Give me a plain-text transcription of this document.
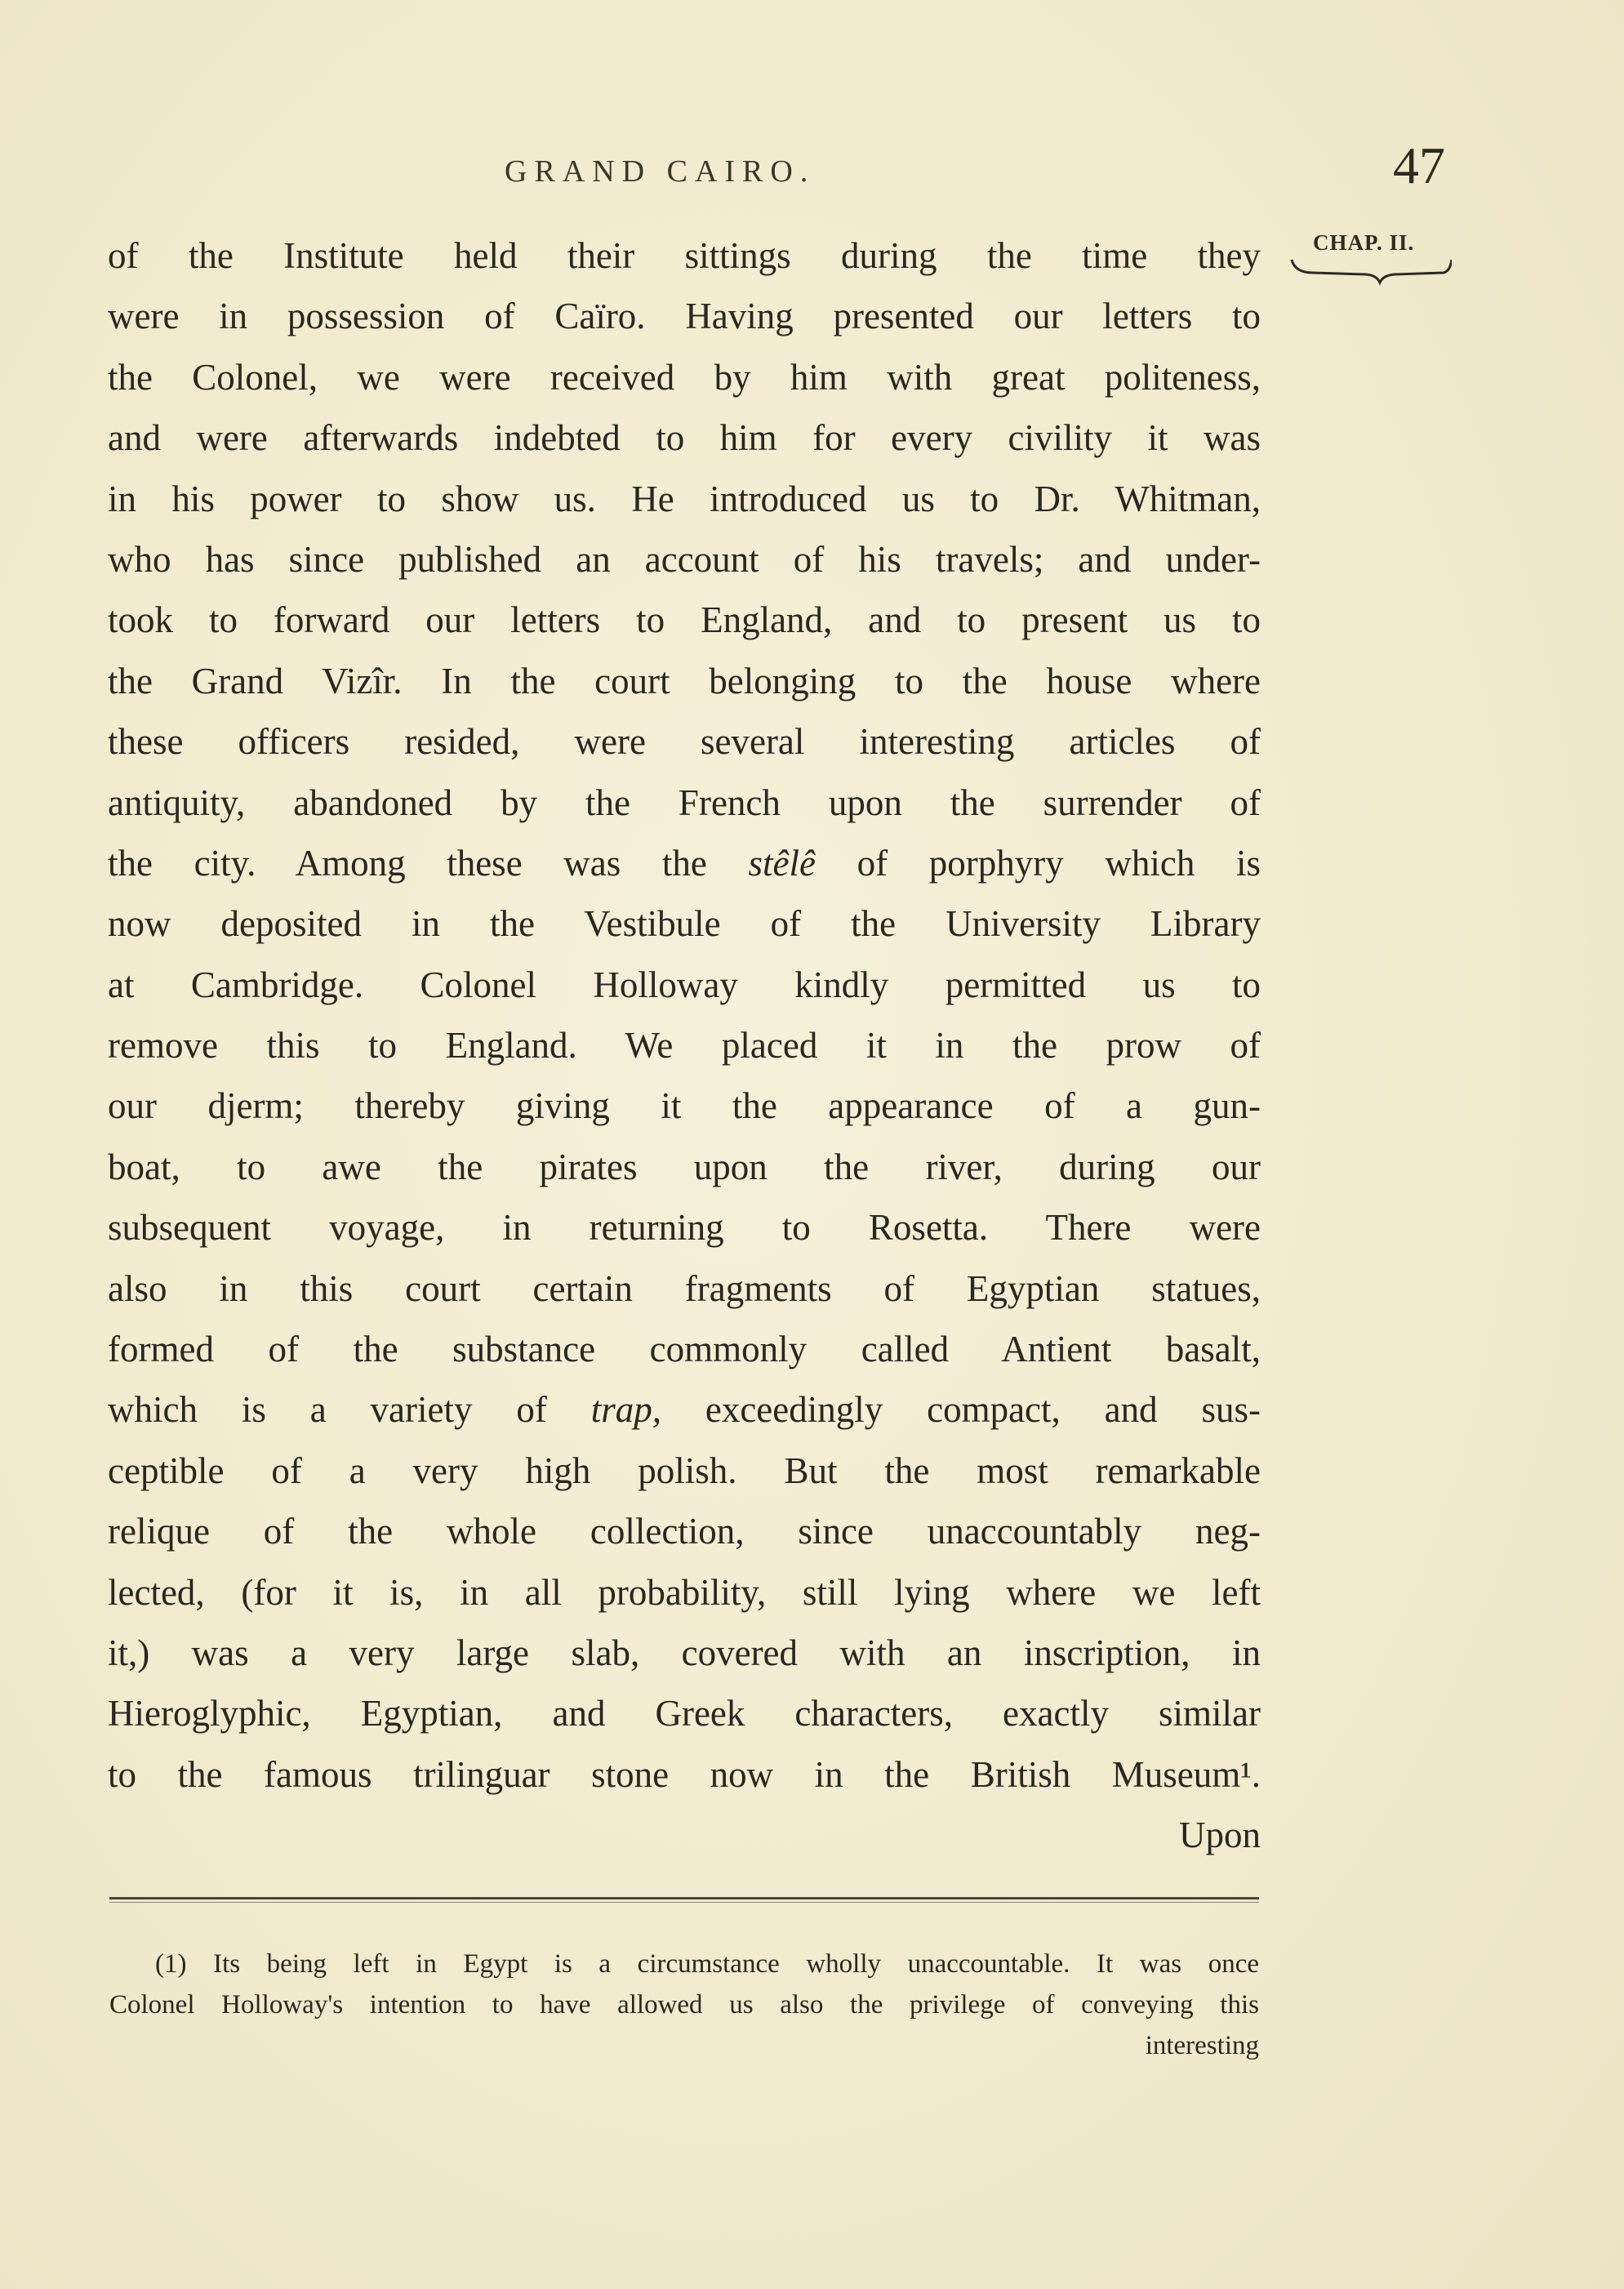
GRAND CAIRO.	47
CHAP. II.
of the Institute held their sittings during the time they
were in possession of Caïro. Having presented our letters to
the Colonel, we were received by him with great politeness,
and were afterwards indebted to him for every civility it was
in his power to show us. He introduced us to Dr. Whitman,
who has since published an account of his travels; and under-
took to forward our letters to England, and to present us to
the Grand Vizîr. In the court belonging to the house where
these officers resided, were several interesting articles of
antiquity, abandoned by the French upon the surrender of
the city. Among these was the stêlê of porphyry which is
now deposited in the Vestibule of the University Library
at Cambridge. Colonel Holloway kindly permitted us to
remove this to England. We placed it in the prow of
our djerm; thereby giving it the appearance of a gun-
boat, to awe the pirates upon the river, during our
subsequent voyage, in returning to Rosetta. There were
also in this court certain fragments of Egyptian statues,
formed of the substance commonly called Antient basalt,
which is a variety of trap, exceedingly compact, and sus-
ceptible of a very high polish. But the most remarkable
relique of the whole collection, since unaccountably neg-
lected, (for it is, in all probability, still lying where we left
it,) was a very large slab, covered with an inscription, in
Hieroglyphic, Egyptian, and Greek characters, exactly similar
to the famous trilinguar stone now in the British Museum¹.
Upon
(1) Its being left in Egypt is a circumstance wholly unaccountable. It was once
Colonel Holloway's intention to have allowed us also the privilege of conveying this
interesting
